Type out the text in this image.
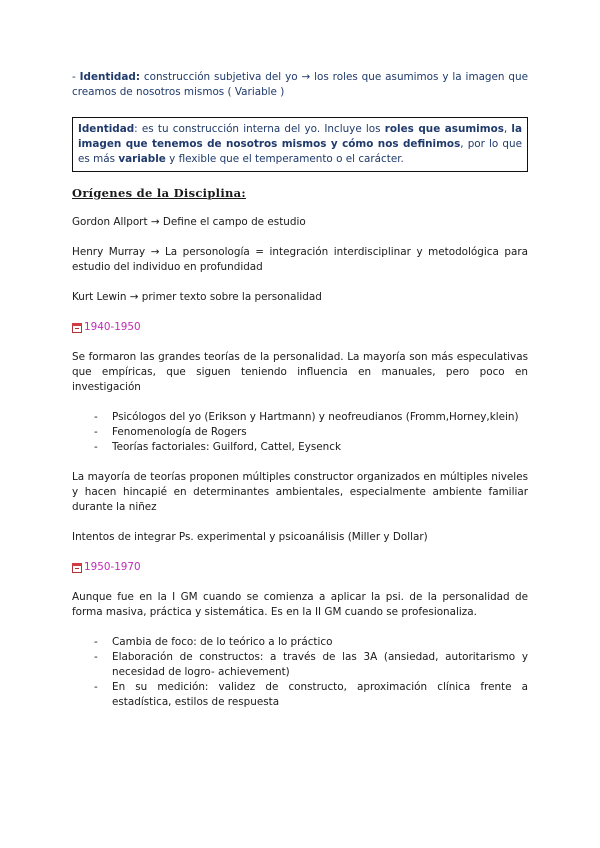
- Identidad: construcción subjetiva del yo → los roles que asumimos y la imagen que creamos de nosotros mismos ( Variable )

Identidad: es tu construcción interna del yo. Incluye los roles que asumimos, la imagen que tenemos de nosotros mismos y cómo nos definimos, por lo que es más variable y flexible que el temperamento o el carácter.

Orígenes de la Disciplina:

Gordon Allport → Define el campo de estudio

Henry Murray → La personología = integración interdisciplinar y metodológica para estudio del individuo en profundidad

Kurt Lewin → primer texto sobre la personalidad

1940-1950

Se formaron las grandes teorías de la personalidad. La mayoría son más especulativas que empíricas, que siguen teniendo influencia en manuales, pero poco en investigación

- Psicólogos del yo (Erikson y Hartmann) y neofreudianos (Fromm,Horney,klein)
- Fenomenología de Rogers
- Teorías factoriales: Guilford, Cattel, Eysenck

La mayoría de teorías proponen múltiples constructor organizados en múltiples niveles y hacen hincapié en determinantes ambientales, especialmente ambiente familiar durante la niñez

Intentos de integrar Ps. experimental y psicoanálisis (Miller y Dollar)

1950-1970

Aunque fue en la I GM cuando se comienza a aplicar la psi. de la personalidad de forma masiva, práctica y sistemática. Es en la II GM cuando se profesionaliza.

- Cambia de foco: de lo teórico a lo práctico
- Elaboración de constructos: a través de las 3A (ansiedad, autoritarismo y necesidad de logro- achievement)
- En su medición: validez de constructo, aproximación clínica frente a estadística, estilos de respuesta
